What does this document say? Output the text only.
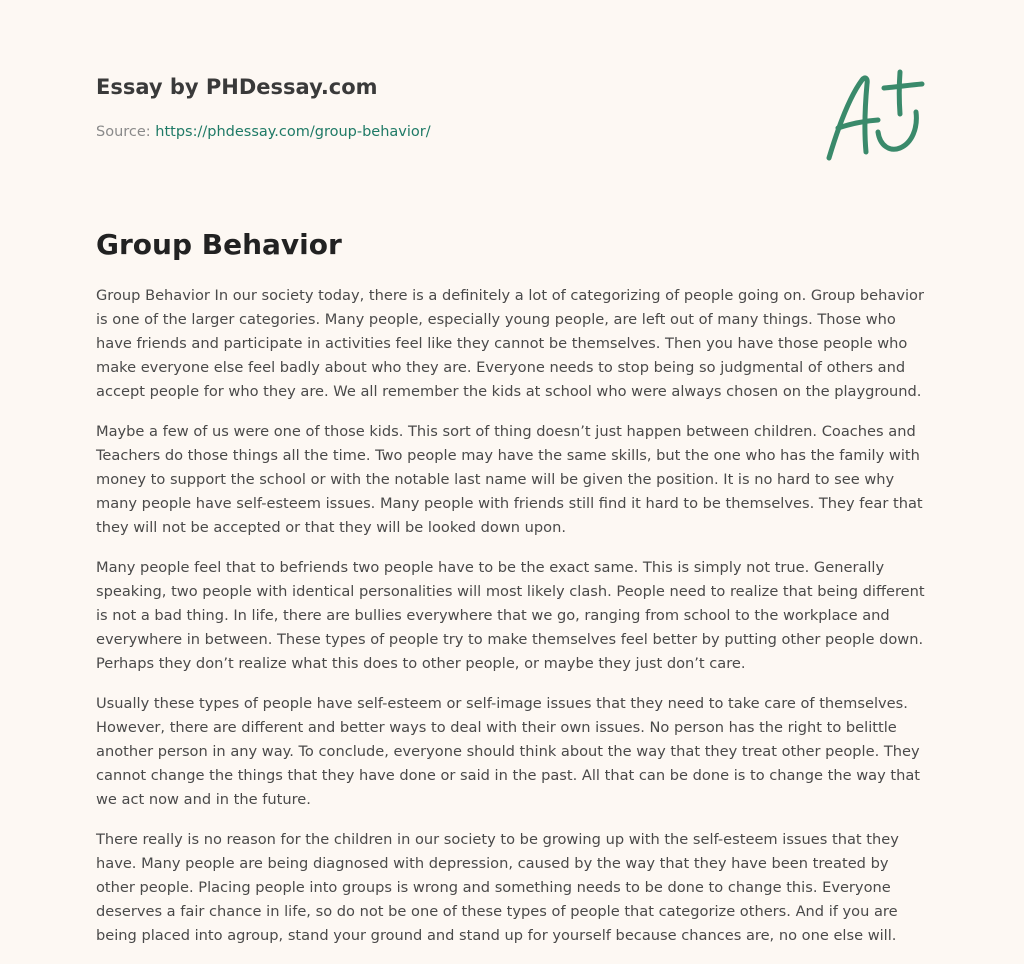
Essay by PHDessay.com
Source: https://phdessay.com/group-behavior/
Group Behavior

Group Behavior In our society today, there is a definitely a lot of categorizing of people going on. Group behavior is one of the larger categories. Many people, especially young people, are left out of many things. Those who have friends and participate in activities feel like they cannot be themselves. Then you have those people who make everyone else feel badly about who they are. Everyone needs to stop being so judgmental of others and accept people for who they are. We all remember the kids at school who were always chosen on the playground.

Maybe a few of us were one of those kids. This sort of thing doesn’t just happen between children. Coaches and Teachers do those things all the time. Two people may have the same skills, but the one who has the family with money to support the school or with the notable last name will be given the position. It is no hard to see why many people have self-esteem issues. Many people with friends still find it hard to be themselves. They fear that they will not be accepted or that they will be looked down upon.

Many people feel that to befriends two people have to be the exact same. This is simply not true. Generally speaking, two people with identical personalities will most likely clash. People need to realize that being different is not a bad thing. In life, there are bullies everywhere that we go, ranging from school to the workplace and everywhere in between. These types of people try to make themselves feel better by putting other people down. Perhaps they don’t realize what this does to other people, or maybe they just don’t care.

Usually these types of people have self-esteem or self-image issues that they need to take care of themselves. However, there are different and better ways to deal with their own issues. No person has the right to belittle another person in any way. To conclude, everyone should think about the way that they treat other people. They cannot change the things that they have done or said in the past. All that can be done is to change the way that we act now and in the future.

There really is no reason for the children in our society to be growing up with the self-esteem issues that they have. Many people are being diagnosed with depression, caused by the way that they have been treated by other people. Placing people into groups is wrong and something needs to be done to change this. Everyone deserves a fair chance in life, so do not be one of these types of people that categorize others. And if you are being placed into agroup, stand your ground and stand up for yourself because chances are, no one else will.
